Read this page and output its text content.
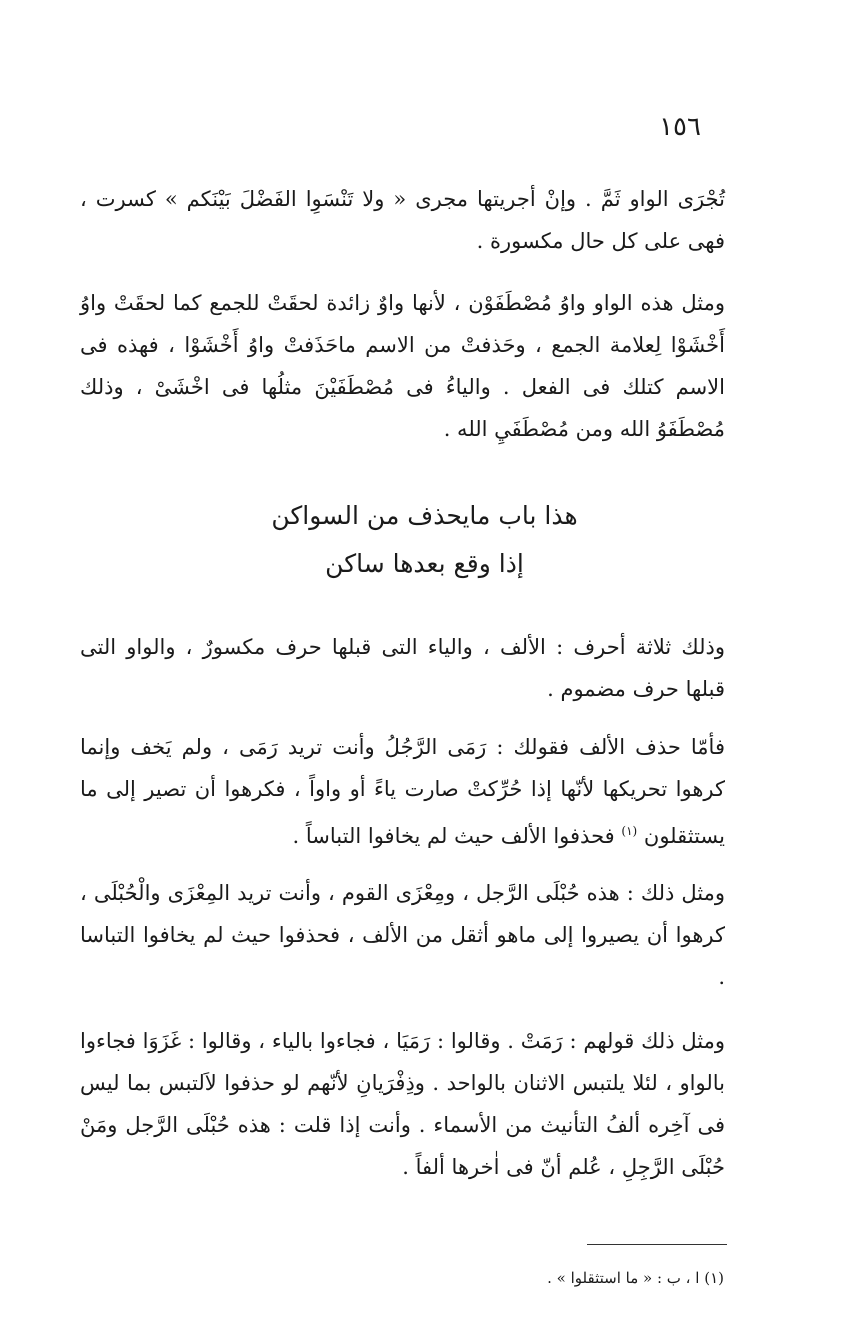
١٥٦

تُجْرَى الواو ثَمَّ . وإنْ أجريتها مجرى « ولا تَنْسَوِا الفَضْلَ بَيْنَكم » كسرت ، فهى على كل حال مكسورة .

ومثل هذه الواو واوُ مُصْطَفَوْن ، لأنها واوٌ زائدة لحقَتْ للجمع كما لحقَتْ واوُ أَخْشَوْا لِعلامة الجمع ، وحَذفتْ من الاسم ماحَذَفتْ واوُ أَخْشَوْا ، فهذه فى الاسم كتلك فى الفعل . والياءُ فى مُصْطَفَيْنَ مثلُها فى اخْشَىْ ، وذلك مُصْطَفَوُ الله ومن مُصْطَفَيِ الله .

هذا باب مايحذف من السواكن
إذا وقع بعدها ساكن

وذلك ثلاثة أحرف : الألف ، والياء التى قبلها حرف مكسورٌ ، والواو التى قبلها حرف مضموم .

فأمّا حذف الألف فقولك : رَمَى الرَّجُلُ وأنت تريد رَمَى ، ولم يَخف وإنما كرهوا تحريكها لأنّها إذا حُرِّكتْ صارت ياءً أو واواً ، فكرهوا أن تصير إلى ما يستثقلون $^{(١)}$ فحذفوا الألف حيث لم يخافوا التباساً .

ومثل ذلك : هذه حُبْلَى الرَّجل ، ومِعْزَى القوم ، وأنت تريد المِعْزَى والْحُبْلَى ، كرهوا أن يصيروا إلى ماهو أثقل من الألف ، فحذفوا حيث لم يخافوا التباسا .

ومثل ذلك قولهم : رَمَتْ . وقالوا : رَمَيَا ، فجاءوا بالياء ، وقالوا : غَزَوَا فجاءوا بالواو ، لئلا يلتبس الاثنان بالواحد . وذِفْرَيانِ لأنّهم لو حذفوا لاَلتبس بما ليس فى آخِره ألفُ التأنيث من الأسماء . وأنت إذا قلت : هذه حُبْلَى الرَّجل ومَنْ حُبْلَى الرَّجِلِ ، عُلم أنّ فى اٰخرها ألفاً .

(١) ا ، ب : « ما استثقلوا » .
